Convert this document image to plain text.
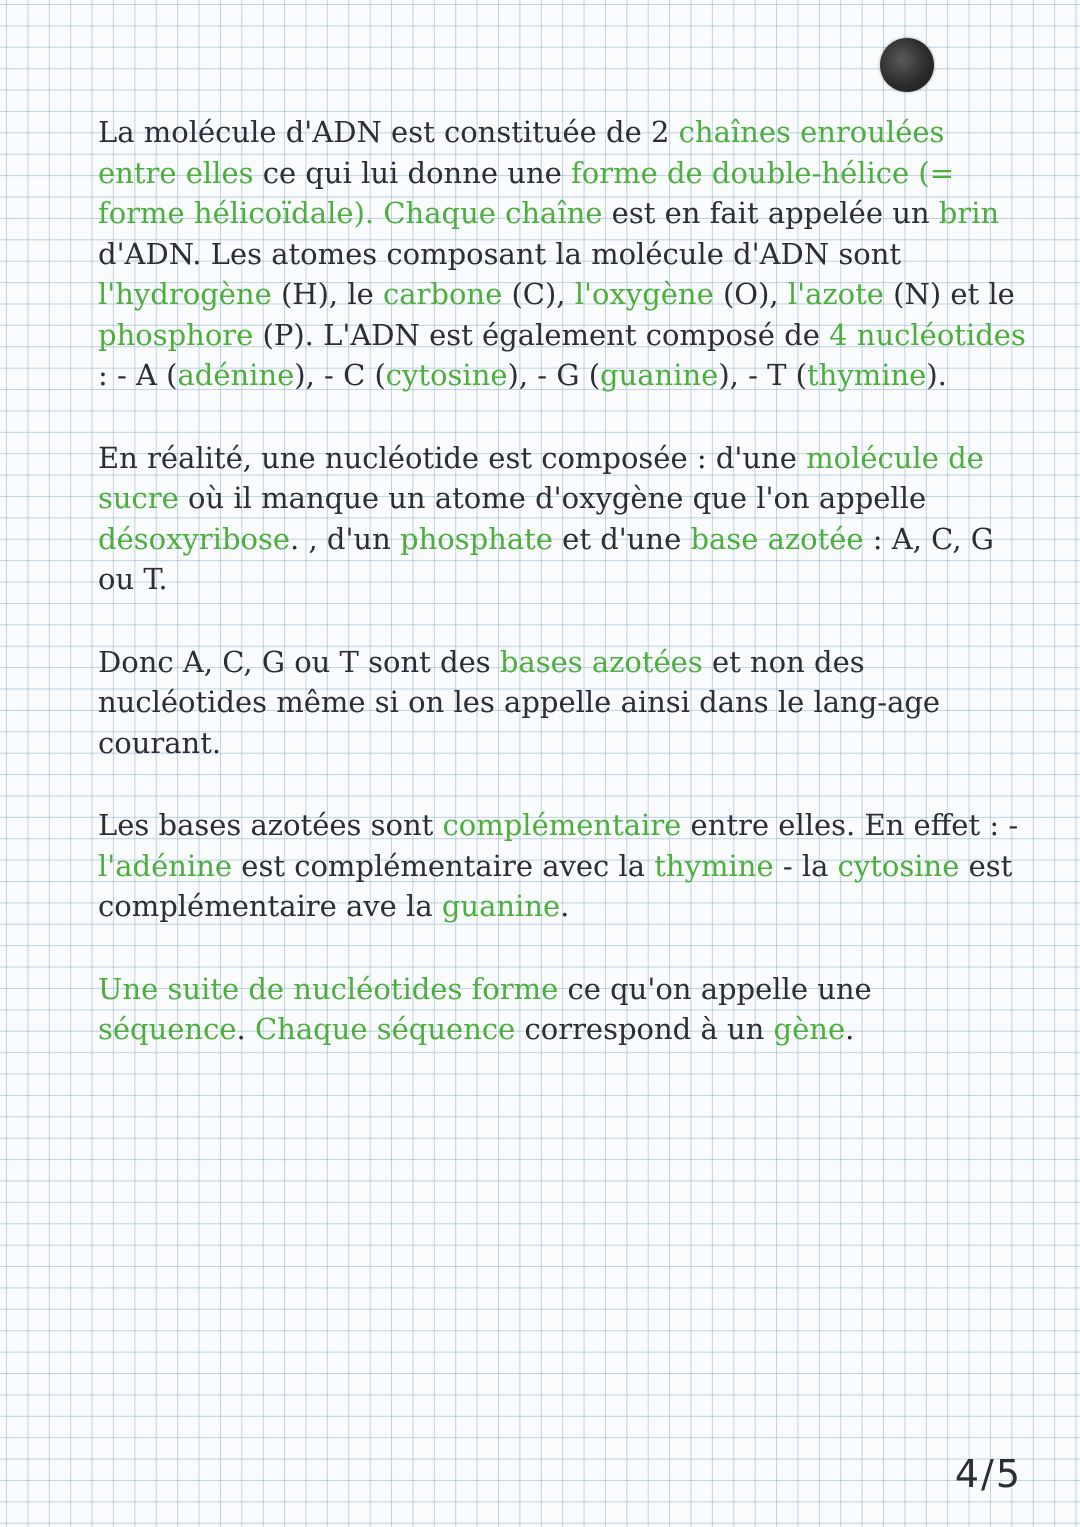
La molécule d'ADN est constituée de 2 chaînes enroulées entre elles ce qui lui donne une forme de double-hélice (= forme hélicoïdale). Chaque chaîne est en fait appelée un brin d'ADN. Les atomes composant la molécule d'ADN sont l'hydrogène (H), le carbone (C), l'oxygène (O), l'azote (N) et le phosphore (P). L'ADN est également composé de 4 nucléotides : - A (adénine), - C (cytosine), - G (guanine), - T (thymine).

En réalité, une nucléotide est composée : d'une molécule de sucre où il manque un atome d'oxygène que l'on appelle désoxyribose. , d'un phosphate et d'une base azotée : A, C, G ou T.

Donc A, C, G ou T sont des bases azotées et non des nucléotides même si on les appelle ainsi dans le lang-age courant.

Les bases azotées sont complémentaire entre elles. En effet : - l'adénine est complémentaire avec la thymine - la cytosine est complémentaire ave la guanine.

Une suite de nucléotides forme ce qu'on appelle une séquence. Chaque séquence correspond à un gène.

4/5
